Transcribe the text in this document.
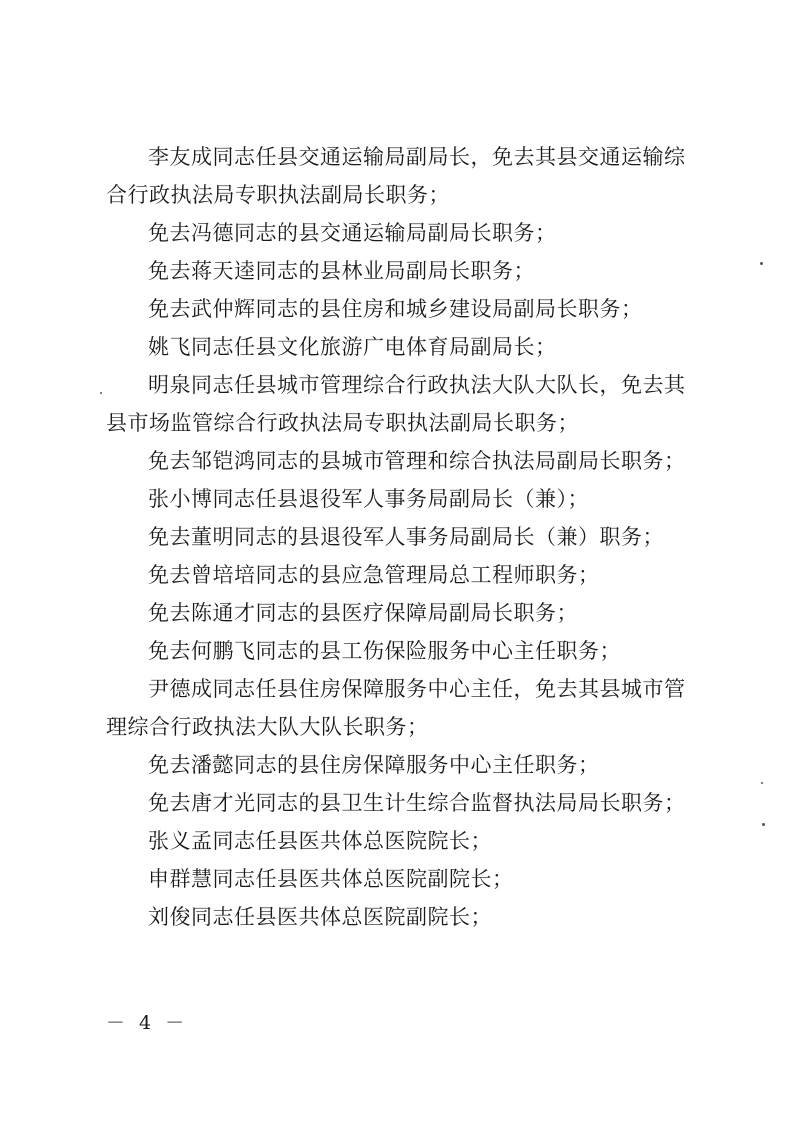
李友成同志任县交通运输局副局长，免去其县交通运输综合行政执法局专职执法副局长职务；

免去冯德同志的县交通运输局副局长职务；

免去蒋天逵同志的县林业局副局长职务；

免去武仲辉同志的县住房和城乡建设局副局长职务；

姚飞同志任县文化旅游广电体育局副局长；

明泉同志任县城市管理综合行政执法大队大队长，免去其县市场监管综合行政执法局专职执法副局长职务；

免去邹铠鸿同志的县城市管理和综合执法局副局长职务；

张小博同志任县退役军人事务局副局长（兼）；

免去董明同志的县退役军人事务局副局长（兼）职务；

免去曾培培同志的县应急管理局总工程师职务；

免去陈通才同志的县医疗保障局副局长职务；

免去何鹏飞同志的县工伤保险服务中心主任职务；

尹德成同志任县住房保障服务中心主任，免去其县城市管理综合行政执法大队大队长职务；

免去潘懿同志的县住房保障服务中心主任职务；

免去唐才光同志的县卫生计生综合监督执法局局长职务；

张义孟同志任县医共体总医院院长；

申群慧同志任县医共体总医院副院长；

刘俊同志任县医共体总医院副院长；

－ 4 －
